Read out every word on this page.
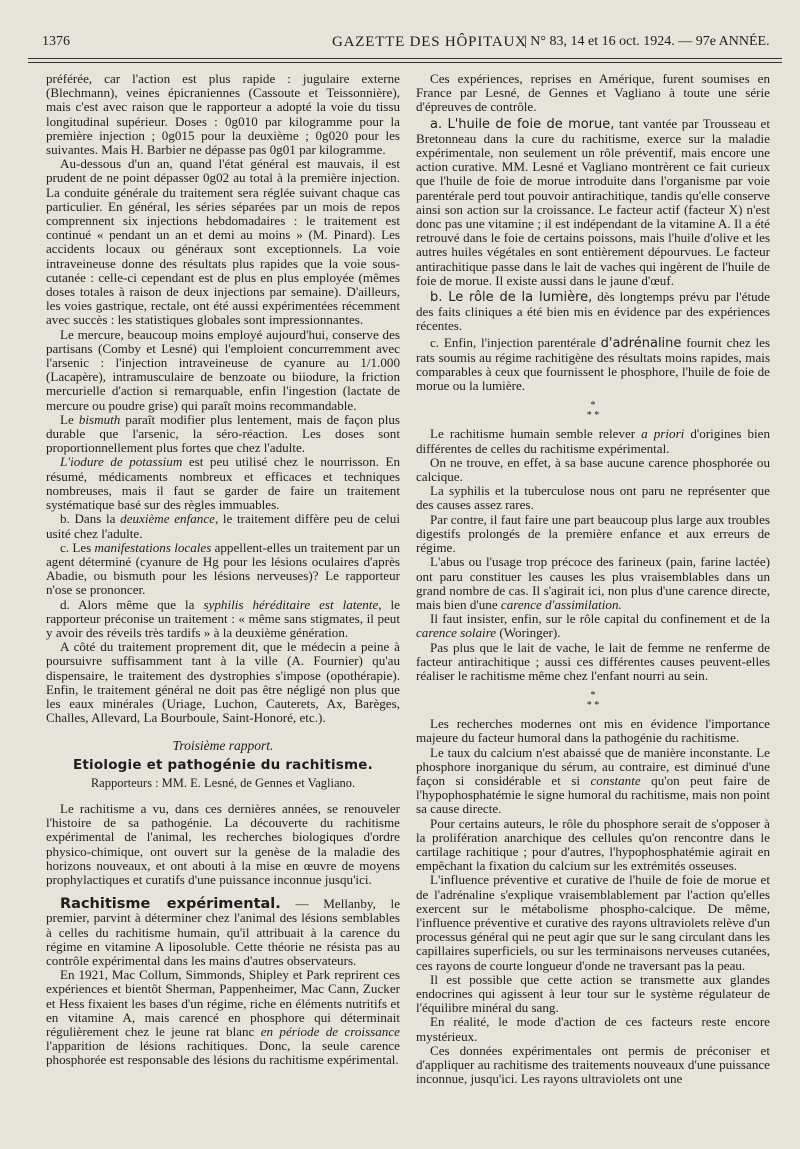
1376	GAZETTE DES HÔPITAUX
| N° 83, 14 et 16 oct. 1924. — 97e ANNÉE.

préférée, car l'action est plus rapide : jugulaire externe (Blechmann), veines épicraniennes (Cassoute et Teissonnière), mais c'est avec raison que le rapporteur a adopté la voie du tissu longitudinal supérieur. Doses : 0g010 par kilogramme pour la première injection ; 0g015 pour la deuxième ; 0g020 pour les suivantes. Mais H. Barbier ne dépasse pas 0g01 par kilogramme.

Au-dessous d'un an, quand l'état général est mauvais, il est prudent de ne point dépasser 0g02 au total à la première injection. La conduite générale du traitement sera réglée suivant chaque cas particulier. En général, les séries séparées par un mois de repos comprennent six injections hebdomadaires : le traitement est continué « pendant un an et demi au moins » (M. Pinard). Les accidents locaux ou généraux sont exceptionnels. La voie intraveineuse donne des résultats plus rapides que la voie sous-cutanée : celle-ci cependant est de plus en plus employée (mêmes doses totales à raison de deux injections par semaine). D'ailleurs, les voies gastrique, rectale, ont été aussi expérimentées récemment avec succès : les statistiques globales sont impressionnantes.

Le mercure, beaucoup moins employé aujourd'hui, conserve des partisans (Comby et Lesné) qui l'emploient concurremment avec l'arsenic : l'injection intraveineuse de cyanure au 1/1.000 (Lacapère), intramusculaire de benzoate ou biiodure, la friction mercurielle d'action si remarquable, enfin l'ingestion (lactate de mercure ou poudre grise) qui paraît moins recommandable.

Le bismuth paraît modifier plus lentement, mais de façon plus durable que l'arsenic, la séro-réaction. Les doses sont proportionnellement plus fortes que chez l'adulte.

L'iodure de potassium est peu utilisé chez le nourrisson. En résumé, médicaments nombreux et efficaces et techniques nombreuses, mais il faut se garder de faire un traitement systématique basé sur des règles immuables.

b. Dans la deuxième enfance, le traitement diffère peu de celui usité chez l'adulte.

c. Les manifestations locales appellent-elles un traitement par un agent déterminé (cyanure de Hg pour les lésions oculaires d'après Abadie, ou bismuth pour les lésions nerveuses)? Le rapporteur n'ose se prononcer.

d. Alors même que la syphilis héréditaire est latente, le rapporteur préconise un traitement : « même sans stigmates, il peut y avoir des réveils très tardifs » à la deuxième génération.

A côté du traitement proprement dit, que le médecin a peine à poursuivre suffisamment tant à la ville (A. Fournier) qu'au dispensaire, le traitement des dystrophies s'impose (opothérapie). Enfin, le traitement général ne doit pas être négligé non plus que les eaux minérales (Uriage, Luchon, Cauterets, Ax, Barèges, Challes, Allevard, La Bourboule, Saint-Honoré, etc.).

Troisième rapport.
Etiologie et pathogénie du rachitisme.
Rapporteurs : MM. E. Lesné, de Gennes et Vagliano.

Le rachitisme a vu, dans ces dernières années, se renouveler l'histoire de sa pathogénie. La découverte du rachitisme expérimental de l'animal, les recherches biologiques d'ordre physico-chimique, ont ouvert sur la genèse de la maladie des horizons nouveaux, et ont abouti à la mise en œuvre de moyens prophylactiques et curatifs d'une puissance inconnue jusqu'ici.

Rachitisme expérimental. — Mellanby, le premier, parvint à déterminer chez l'animal des lésions semblables à celles du rachitisme humain, qu'il attribuait à la carence du régime en vitamine A liposoluble. Cette théorie ne résista pas au contrôle expérimental dans les mains d'autres observateurs.

En 1921, Mac Collum, Simmonds, Shipley et Park reprirent ces expériences et bientôt Sherman, Pappenheimer, Mac Cann, Zucker et Hess fixaient les bases d'un régime, riche en éléments nutritifs et en vitamine A, mais carencé en phosphore qui déterminait régulièrement chez le jeune rat blanc en période de croissance l'apparition de lésions rachitiques. Donc, la seule carence phosphorée est responsable des lésions du rachitisme expérimental.

Ces expériences, reprises en Amérique, furent soumises en France par Lesné, de Gennes et Vagliano à toute une série d'épreuves de contrôle.

a. L'huile de foie de morue, tant vantée par Trousseau et Bretonneau dans la cure du rachitisme, exerce sur la maladie expérimentale, non seulement un rôle préventif, mais encore une action curative. MM. Lesné et Vagliano montrèrent ce fait curieux que l'huile de foie de morue introduite dans l'organisme par voie parentérale perd tout pouvoir antirachitique, tandis qu'elle conserve ainsi son action sur la croissance. Le facteur actif (facteur X) n'est donc pas une vitamine ; il est indépendant de la vitamine A. Il a été retrouvé dans le foie de certains poissons, mais l'huile d'olive et les autres huiles végétales en sont entièrement dépourvues. Le facteur antirachitique passe dans le lait de vaches qui ingèrent de l'huile de foie de morue. Il existe aussi dans le jaune d'œuf.

b. Le rôle de la lumière, dès longtemps prévu par l'étude des faits cliniques a été bien mis en évidence par des expériences récentes.

c. Enfin, l'injection parentérale d'adrénaline fournit chez les rats soumis au régime rachitigène des résultats moins rapides, mais comparables à ceux que fournissent le phosphore, l'huile de foie de morue ou la lumière.

*
* *

Le rachitisme humain semble relever a priori d'origines bien différentes de celles du rachitisme expérimental.

On ne trouve, en effet, à sa base aucune carence phosphorée ou calcique.

La syphilis et la tuberculose nous ont paru ne représenter que des causes assez rares.

Par contre, il faut faire une part beaucoup plus large aux troubles digestifs prolongés de la première enfance et aux erreurs de régime.

L'abus ou l'usage trop précoce des farineux (pain, farine lactée) ont paru constituer les causes les plus vraisemblables dans un grand nombre de cas. Il s'agirait ici, non plus d'une carence directe, mais bien d'une carence d'assimilation.

Il faut insister, enfin, sur le rôle capital du confinement et de la carence solaire (Woringer).

Pas plus que le lait de vache, le lait de femme ne renferme de facteur antirachitique ; aussi ces différentes causes peuvent-elles réaliser le rachitisme même chez l'enfant nourri au sein.

*
* *

Les recherches modernes ont mis en évidence l'importance majeure du facteur humoral dans la pathogénie du rachitisme.

Le taux du calcium n'est abaissé que de manière inconstante. Le phosphore inorganique du sérum, au contraire, est diminué d'une façon si considérable et si constante qu'on peut faire de l'hypophosphatémie le signe humoral du rachitisme, mais non point sa cause directe.

Pour certains auteurs, le rôle du phosphore serait de s'opposer à la prolifération anarchique des cellules qu'on rencontre dans le cartilage rachitique ; pour d'autres, l'hypophosphatémie agirait en empêchant la fixation du calcium sur les extrémités osseuses.

L'influence préventive et curative de l'huile de foie de morue et de l'adrénaline s'explique vraisemblablement par l'action qu'elles exercent sur le métabolisme phospho-calcique. De même, l'influence préventive et curative des rayons ultraviolets relève d'un processus général qui ne peut agir que sur le sang circulant dans les capillaires superficiels, ou sur les terminaisons nerveuses cutanées, ces rayons de courte longueur d'onde ne traversant pas la peau.

Il est possible que cette action se transmette aux glandes endocrines qui agissent à leur tour sur le système régulateur de l'équilibre minéral du sang.

En réalité, le mode d'action de ces facteurs reste encore mystérieux.

Ces données expérimentales ont permis de préconiser et d'appliquer au rachitisme des traitements nouveaux d'une puissance inconnue, jusqu'ici. Les rayons ultraviolets ont une
